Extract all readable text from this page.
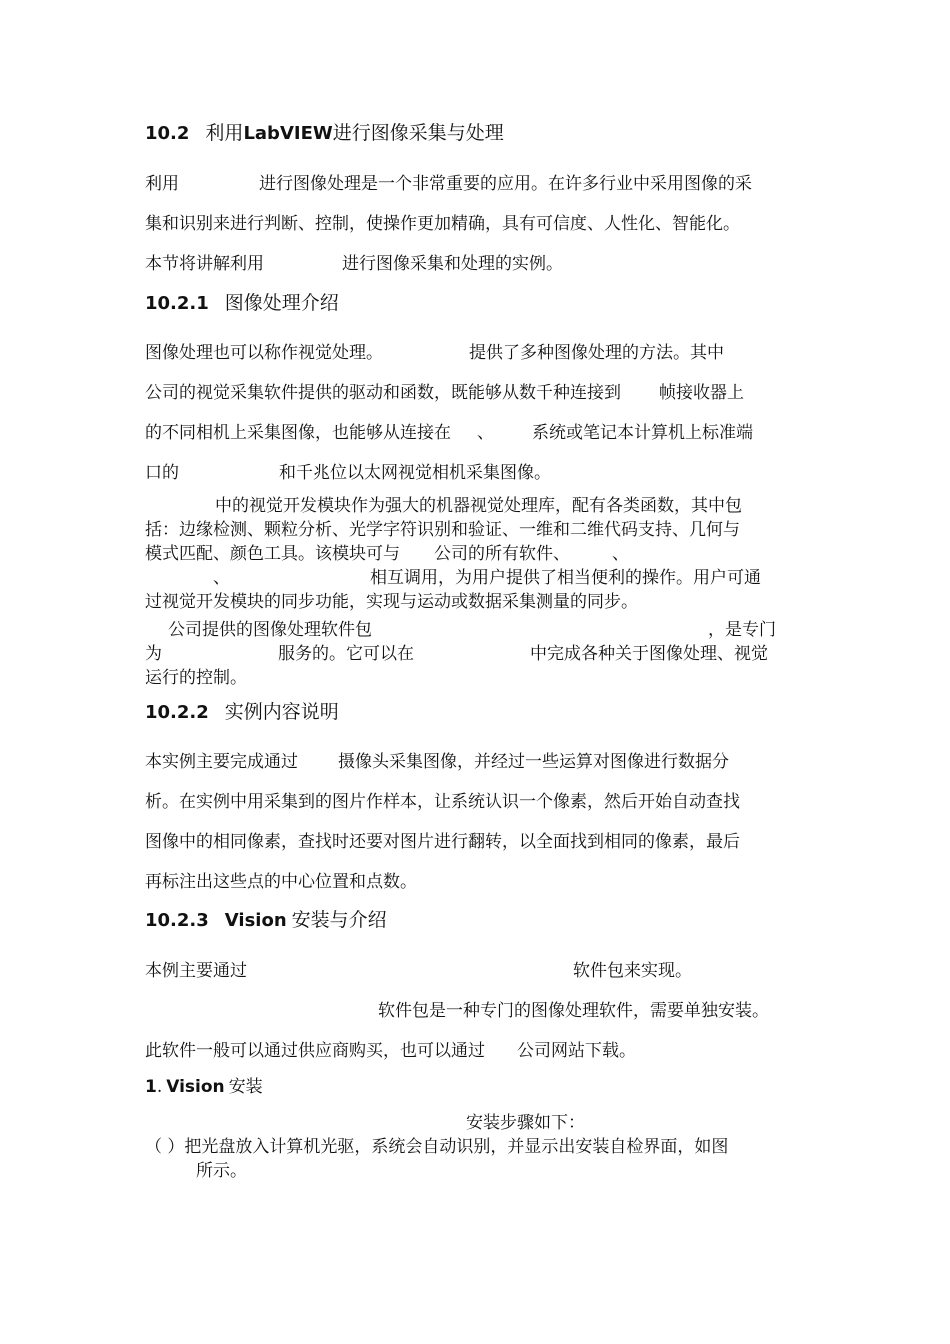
10.2 利用LabVIEW进行图像采集与处理
利用	进行图像处理是一个非常重要的应用。在许多行业中采用图像的采
集和识别来进行判断、控制，使操作更加精确，具有可信度、人性化、智能化。
本节将讲解利用	进行图像采集和处理的实例。
10.2.1 图像处理介绍
图像处理也可以称作视觉处理。	提供了多种图像处理的方法。其中
公司的视觉采集软件提供的驱动和函数，既能够从数千种连接到 帧接收器上
的不同相机上采集图像，也能够从连接在 、 系统或笔记本计算机上标准端
口的	和千兆位以太网视觉相机采集图像。
中的视觉开发模块作为强大的机器视觉处理库，配有各类函数，其中包
括：边缘检测、颗粒分析、光学字符识别和验证、一维和二维代码支持、几何与
模式匹配、颜色工具。该模块可与 公司的所有软件、 、
、	相互调用，为用户提供了相当便利的操作。用户可通
过视觉开发模块的同步功能，实现与运动或数据采集测量的同步。
公司提供的图像处理软件包	，是专门
为	服务的。它可以在	中完成各种关于图像处理、视觉
运行的控制。
10.2.2 实例内容说明
本实例主要完成通过 摄像头采集图像，并经过一些运算对图像进行数据分
析。在实例中用采集到的图片作样本，让系统认识一个像素，然后开始自动查找
图像中的相同像素，查找时还要对图片进行翻转，以全面找到相同的像素，最后
再标注出这些点的中心位置和点数。
10.2.3 Vision 安装与介绍
本例主要通过	软件包来实现。
软件包是一种专门的图像处理软件，需要单独安装。
此软件一般可以通过供应商购买，也可以通过 公司网站下载。
1. Vision 安装
安装步骤如下：
（ ）把光盘放入计算机光驱，系统会自动识别，并显示出安装自检界面，如图
所示。
